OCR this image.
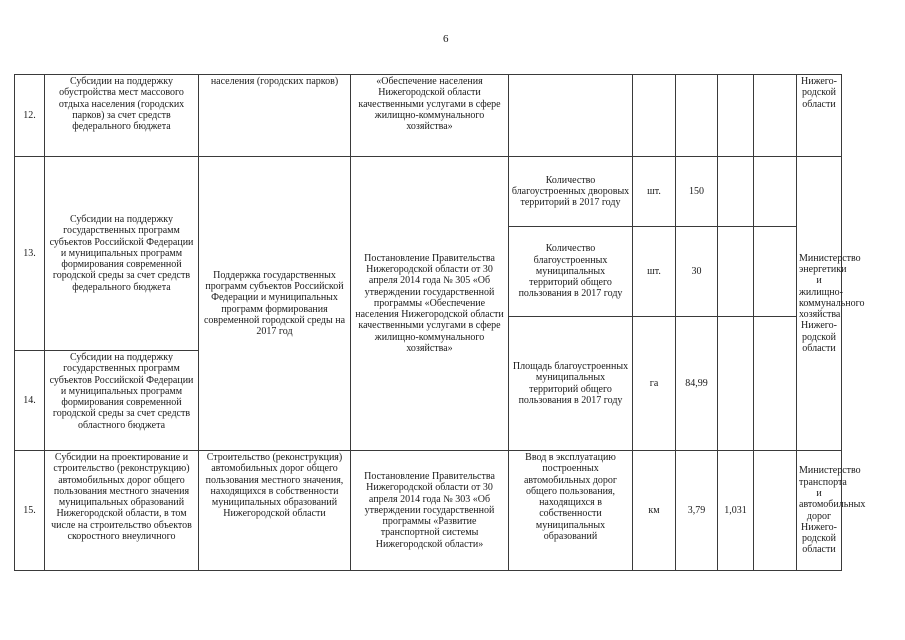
6
12.	Субсидии на поддержку обустройства мест массового отдыха населения (городских парков) за счет средств федерального бюджета	населения (городских парков)	«Обеспечение населения Нижегородской области качественными услугами в сфере жилищно-коммунального хозяйства»						Нижего-родской области
13.	Субсидии на поддержку государственных программ субъектов Российской Федерации и муниципальных программ формирования современной городской среды за счет средств федерального бюджета	Поддержка государственных программ субъектов Российской Федерации и муниципальных программ формирования современной городской среды на 2017 год	Постановление Правительства Нижегородской области от 30 апреля 2014 года № 305 «Об утверждении государственной программы «Обеспечение населения Нижегородской области качественными услугами в сфере жилищно-коммунального хозяйства»	Количество благоустроенных дворовых территорий в 2017 году	шт.	150			Министерство энергетики и жилищно-коммунального хозяйства Нижего-родской области
				Количество благоустроенных муниципальных территорий общего пользования в 2017 году	шт.	30			
				Площадь благоустроенных муниципальных территорий общего пользования в 2017 году	га	84,99			
14.	Субсидии на поддержку государственных программ субъектов Российской Федерации и муниципальных программ формирования современной городской среды за счет средств областного бюджета								
15.	Субсидии на проектирование и строительство (реконструкцию) автомобильных дорог общего пользования местного значения муниципальных образований Нижегородской области, в том числе на строительство объектов скоростного внеуличного	Строительство (реконструкция) автомобильных дорог общего пользования местного значения, находящихся в собственности муниципальных образований Нижегородской области	Постановление Правительства Нижегородской области от 30 апреля 2014 года № 303 «Об утверждении государственной программы «Развитие транспортной системы Нижегородской области»	Ввод в эксплуатацию построенных автомобильных дорог общего пользования, находящихся в собственности муниципальных образований	км	3,79	1,031		Министерство транспорта и автомобильных дорог Нижего-родской области
